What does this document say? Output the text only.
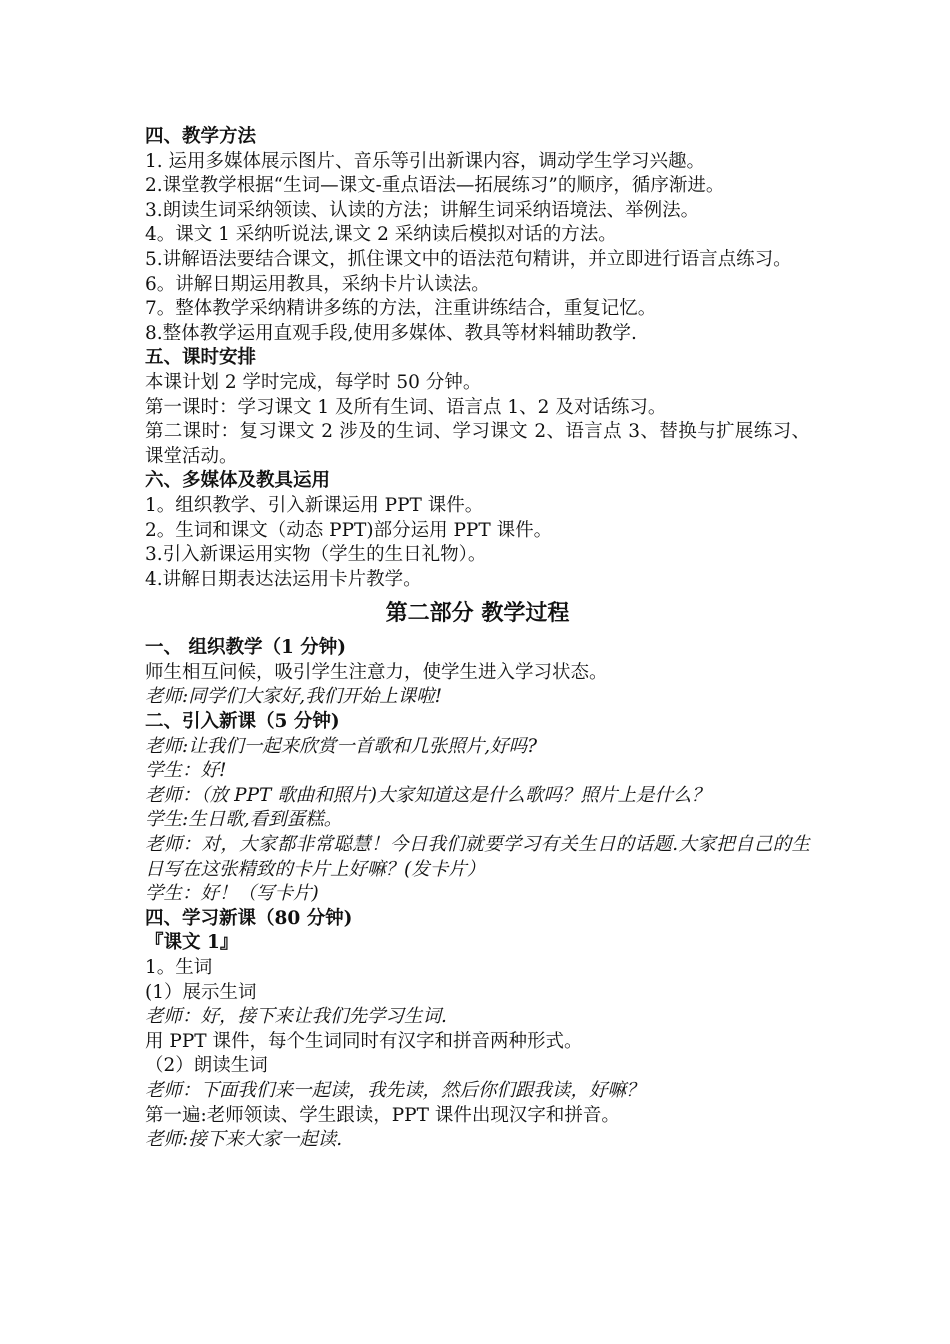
四、教学方法

1. 运用多媒体展示图片、音乐等引出新课内容，调动学生学习兴趣。

2.课堂教学根据“生词—课文-重点语法—拓展练习”的顺序，循序渐进。

3.朗读生词采纳领读、认读的方法；讲解生词采纳语境法、举例法。

4。课文 1 采纳听说法,课文 2 采纳读后模拟对话的方法。

5.讲解语法要结合课文，抓住课文中的语法范句精讲，并立即进行语言点练习。

6。讲解日期运用教具，采纳卡片认读法。

7。整体教学采纳精讲多练的方法，注重讲练结合，重复记忆。

8.整体教学运用直观手段,使用多媒体、教具等材料辅助教学.

五、课时安排

本课计划 2 学时完成，每学时 50 分钟。

第一课时：学习课文 1 及所有生词、语言点 1、2 及对话练习。

第二课时：复习课文 2 涉及的生词、学习课文 2、语言点 3、替换与扩展练习、课堂活动。

六、多媒体及教具运用

1。组织教学、引入新课运用 PPT 课件。

2。生词和课文（动态 PPT)部分运用 PPT 课件。

3.引入新课运用实物（学生的生日礼物）。

4.讲解日期表达法运用卡片教学。

第二部分 教学过程

一、 组织教学（1 分钟)

师生相互问候，吸引学生注意力，使学生进入学习状态。

老师:同学们大家好,我们开始上课啦!

二、引入新课（5 分钟)

老师:让我们一起来欣赏一首歌和几张照片,好吗?

学生：好!

老师：（放 PPT 歌曲和照片)大家知道这是什么歌吗？照片上是什么？

学生:生日歌,看到蛋糕。

老师：对，大家都非常聪慧！今日我们就要学习有关生日的话题.大家把自己的生日写在这张精致的卡片上好嘛？(发卡片）

学生：好！（写卡片)

四、学习新课（80 分钟)

『课文 1』

1。生词

(1）展示生词

老师：好，接下来让我们先学习生词.

用 PPT 课件，每个生词同时有汉字和拼音两种形式。

（2）朗读生词

老师：下面我们来一起读，我先读，然后你们跟我读，好嘛？

第一遍:老师领读、学生跟读，PPT 课件出现汉字和拼音。

老师:接下来大家一起读.
